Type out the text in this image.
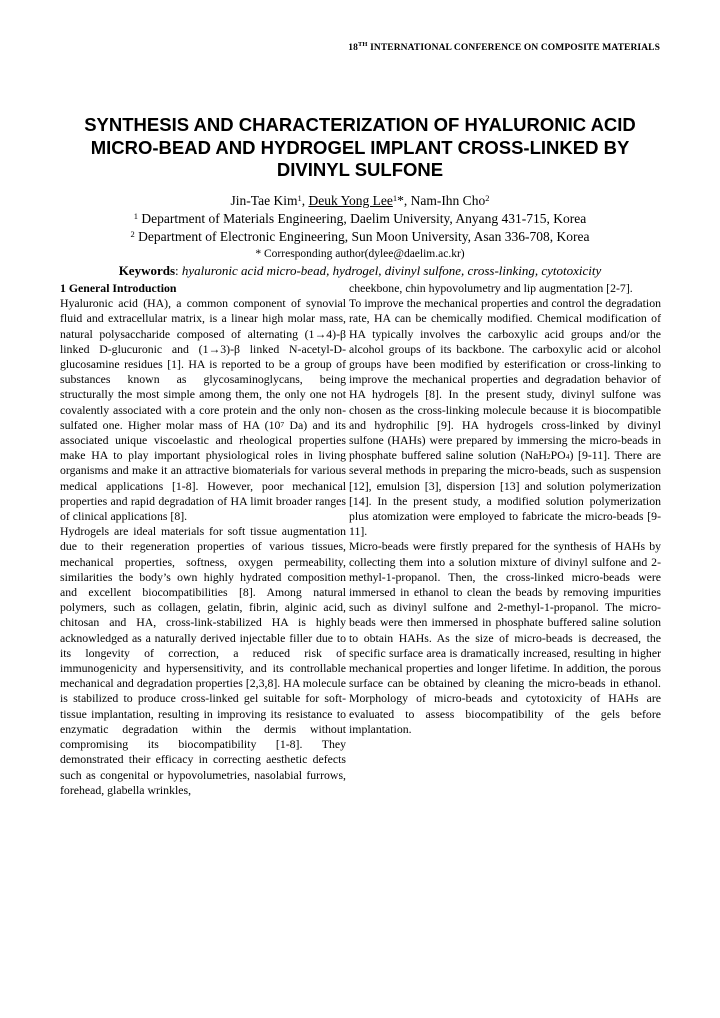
18TH INTERNATIONAL CONFERENCE ON COMPOSITE MATERIALS
SYNTHESIS AND CHARACTERIZATION OF HYALURONIC ACID MICRO-BEAD AND HYDROGEL IMPLANT CROSS-LINKED BY DIVINYL SULFONE
Jin-Tae Kim$^1$, Deuk Yong Lee$^1$*, Nam-Ihn Cho$^2$
$^1$ Department of Materials Engineering, Daelim University, Anyang 431-715, Korea
$^2$ Department of Electronic Engineering, Sun Moon University, Asan 336-708, Korea
* Corresponding author(dylee@daelim.ac.kr)
Keywords: hyaluronic acid micro-bead, hydrogel, divinyl sulfone, cross-linking, cytotoxicity
1 General Introduction

Hyaluronic acid (HA), a common component of synovial fluid and extracellular matrix, is a linear high molar mass, natural polysaccharide composed of alternating (1→4)-β linked D-glucuronic and (1→3)-β linked N-acetyl-D-glucosamine residues [1]. HA is reported to be a group of substances known as glycosaminoglycans, being structurally the most simple among them, the only one not covalently associated with a core protein and the only non-sulfated one. Higher molar mass of HA ($10^7$ Da) and its associated unique viscoelastic and rheological properties make HA to play important physiological roles in living organisms and make it an attractive biomaterials for various medical applications [1-8]. However, poor mechanical properties and rapid degradation of HA limit broader ranges of clinical applications [8].

Hydrogels are ideal materials for soft tissue augmentation due to their regeneration properties of various tissues, mechanical properties, softness, oxygen permeability, similarities the body’s own highly hydrated composition and excellent biocompatibilities [8]. Among natural polymers, such as collagen, gelatin, fibrin, alginic acid, chitosan and HA, cross-link-stabilized HA is highly acknowledged as a naturally derived injectable filler due to its longevity of correction, a reduced risk of immunogenicity and hypersensitivity, and its controllable mechanical and degradation properties [2,3,8]. HA molecule is stabilized to produce cross-linked gel suitable for soft-tissue implantation, resulting in improving its resistance to enzymatic degradation within the dermis without compromising its biocompatibility [1-8]. They demonstrated their efficacy in correcting aesthetic defects such as congenital or hypovolumetries, nasolabial furrows, forehead, glabella wrinkles,

cheekbone, chin hypovolumetry and lip augmentation [2-7].

To improve the mechanical properties and control the degradation rate, HA can be chemically modified. Chemical modification of HA typically involves the carboxylic acid groups and/or the alcohol groups of its backbone. The carboxylic acid or alcohol groups have been modified by esterification or cross-linking to improve the mechanical properties and degradation behavior of HA hydrogels [8]. In the present study, divinyl sulfone was chosen as the cross-linking molecule because it is biocompatible and hydrophilic [9]. HA hydrogels cross-linked by divinyl sulfone (HAHs) were prepared by immersing the micro-beads in phosphate buffered saline solution $(NaH_2PO_4)$ [9-11]. There are several methods in preparing the micro-beads, such as suspension [12], emulsion [3], dispersion [13] and solution polymerization [14]. In the present study, a modified solution polymerization plus atomization were employed to fabricate the micro-beads [9-11].

Micro-beads were firstly prepared for the synthesis of HAHs by collecting them into a solution mixture of divinyl sulfone and 2-methyl-1-propanol. Then, the cross-linked micro-beads were immersed in ethanol to clean the beads by removing impurities such as divinyl sulfone and 2-methyl-1-propanol. The micro-beads were then immersed in phosphate buffered saline solution to obtain HAHs. As the size of micro-beads is decreased, the specific surface area is dramatically increased, resulting in higher mechanical properties and longer lifetime. In addition, the porous surface can be obtained by cleaning the micro-beads in ethanol. Morphology of micro-beads and cytotoxicity of HAHs are evaluated to assess biocompatibility of the gels before implantation.
